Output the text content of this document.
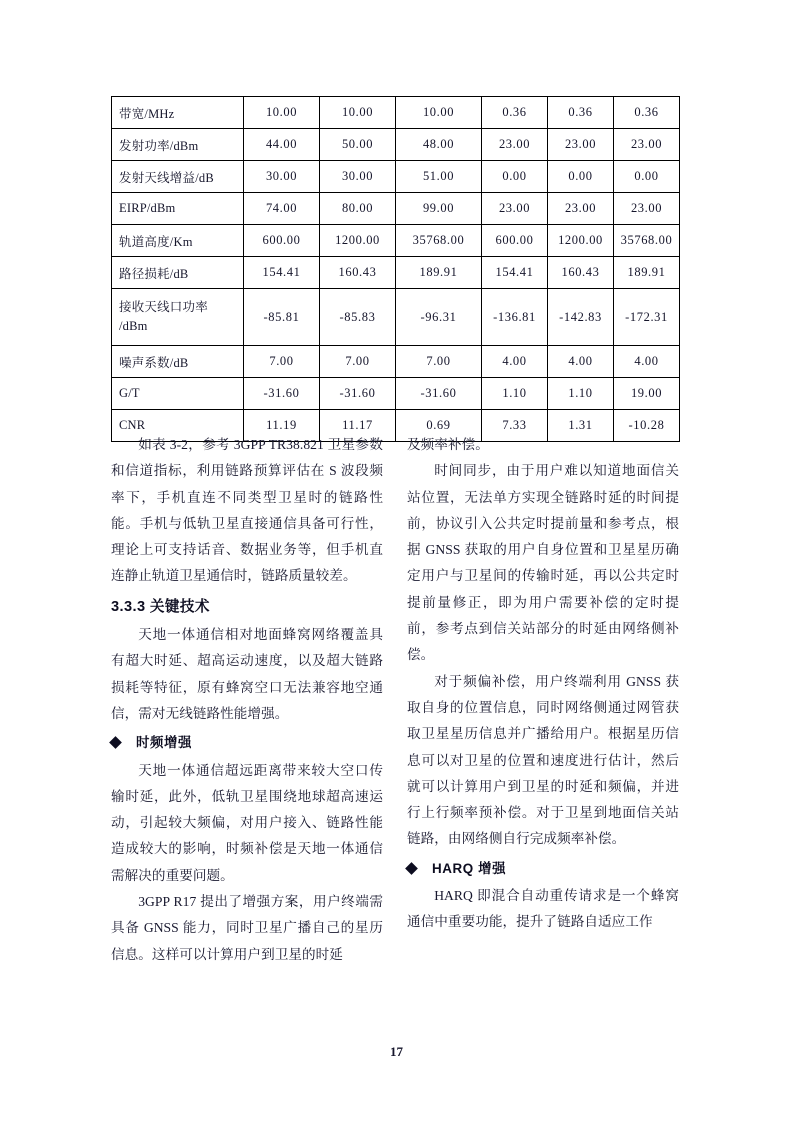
带宽/MHz	10.00	10.00	10.00	0.36	0.36	0.36
发射功率/dBm	44.00	50.00	48.00	23.00	23.00	23.00
发射天线增益/dB	30.00	30.00	51.00	0.00	0.00	0.00
EIRP/dBm	74.00	80.00	99.00	23.00	23.00	23.00
轨道高度/Km	600.00	1200.00	35768.00	600.00	1200.00	35768.00
路径损耗/dB	154.41	160.43	189.91	154.41	160.43	189.91

接收天线口功率
/dBm	-85.81	-85.83	-96.31	-136.81	-142.83	-172.31
噪声系数/dB	7.00	7.00	7.00	4.00	4.00	4.00
G/T	-31.60	-31.60	-31.60	1.10	1.10	19.00
CNR	11.19	11.17	0.69	7.33	1.31	-10.28

如表 3-2，参考 3GPP TR38.821 卫星参数和信道指标，利用链路预算评估在 S 波段频率下，手机直连不同类型卫星时的链路性能。手机与低轨卫星直接通信具备可行性，理论上可支持话音、数据业务等，但手机直连静止轨道卫星通信时，链路质量较差。

3.3.3 关键技术

天地一体通信相对地面蜂窝网络覆盖具有超大时延、超高运动速度，以及超大链路损耗等特征，原有蜂窝空口无法兼容地空通信，需对无线链路性能增强。

时频增强

天地一体通信超远距离带来较大空口传输时延，此外，低轨卫星围绕地球超高速运动，引起较大频偏，对用户接入、链路性能造成较大的影响，时频补偿是天地一体通信需解决的重要问题。

3GPP R17 提出了增强方案，用户终端需具备 GNSS 能力，同时卫星广播自己的星历信息。这样可以计算用户到卫星的时延

及频率补偿。

时间同步，由于用户难以知道地面信关站位置，无法单方实现全链路时延的时间提前，协议引入公共定时提前量和参考点，根据 GNSS 获取的用户自身位置和卫星星历确定用户与卫星间的传输时延，再以公共定时提前量修正，即为用户需要补偿的定时提前，参考点到信关站部分的时延由网络侧补偿。

对于频偏补偿，用户终端利用 GNSS 获取自身的位置信息，同时网络侧通过网管获取卫星星历信息并广播给用户。根据星历信息可以对卫星的位置和速度进行估计，然后就可以计算用户到卫星的时延和频偏，并进行上行频率预补偿。对于卫星到地面信关站链路，由网络侧自行完成频率补偿。

HARQ 增强

HARQ 即混合自动重传请求是一个蜂窝通信中重要功能，提升了链路自适应工作

17
